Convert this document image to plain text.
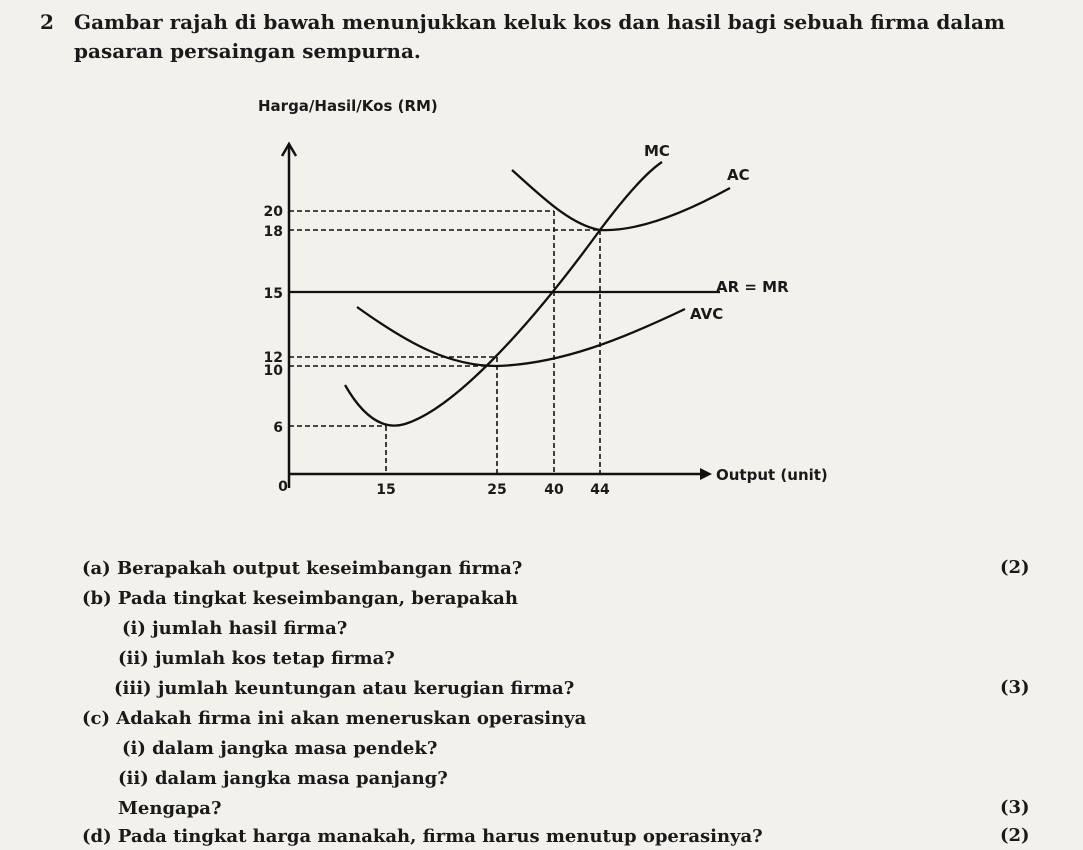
2 Gambar rajah di bawah menunjukkan keluk kos dan hasil bagi sebuah firma dalam pasaran persaingan sempurna.
20
18
15
12
10
6
0	15	25	40 44
Harga/Hasil/Kos (RM)
Output (unit)
MC
AC
AVC
AR = MR
(a) Berapakah output keseimbangan firma?	(2)
(b) Pada tingkat keseimbangan, berapakah
(i) jumlah hasil firma?
(ii) jumlah kos tetap firma?
(iii) jumlah keuntungan atau kerugian firma?	(3)
(c) Adakah firma ini akan meneruskan operasinya
(i) dalam jangka masa pendek?
(ii) dalam jangka masa panjang?
Mengapa?	(3)
(d) Pada tingkat harga manakah, firma harus menutup operasinya?	(2)
